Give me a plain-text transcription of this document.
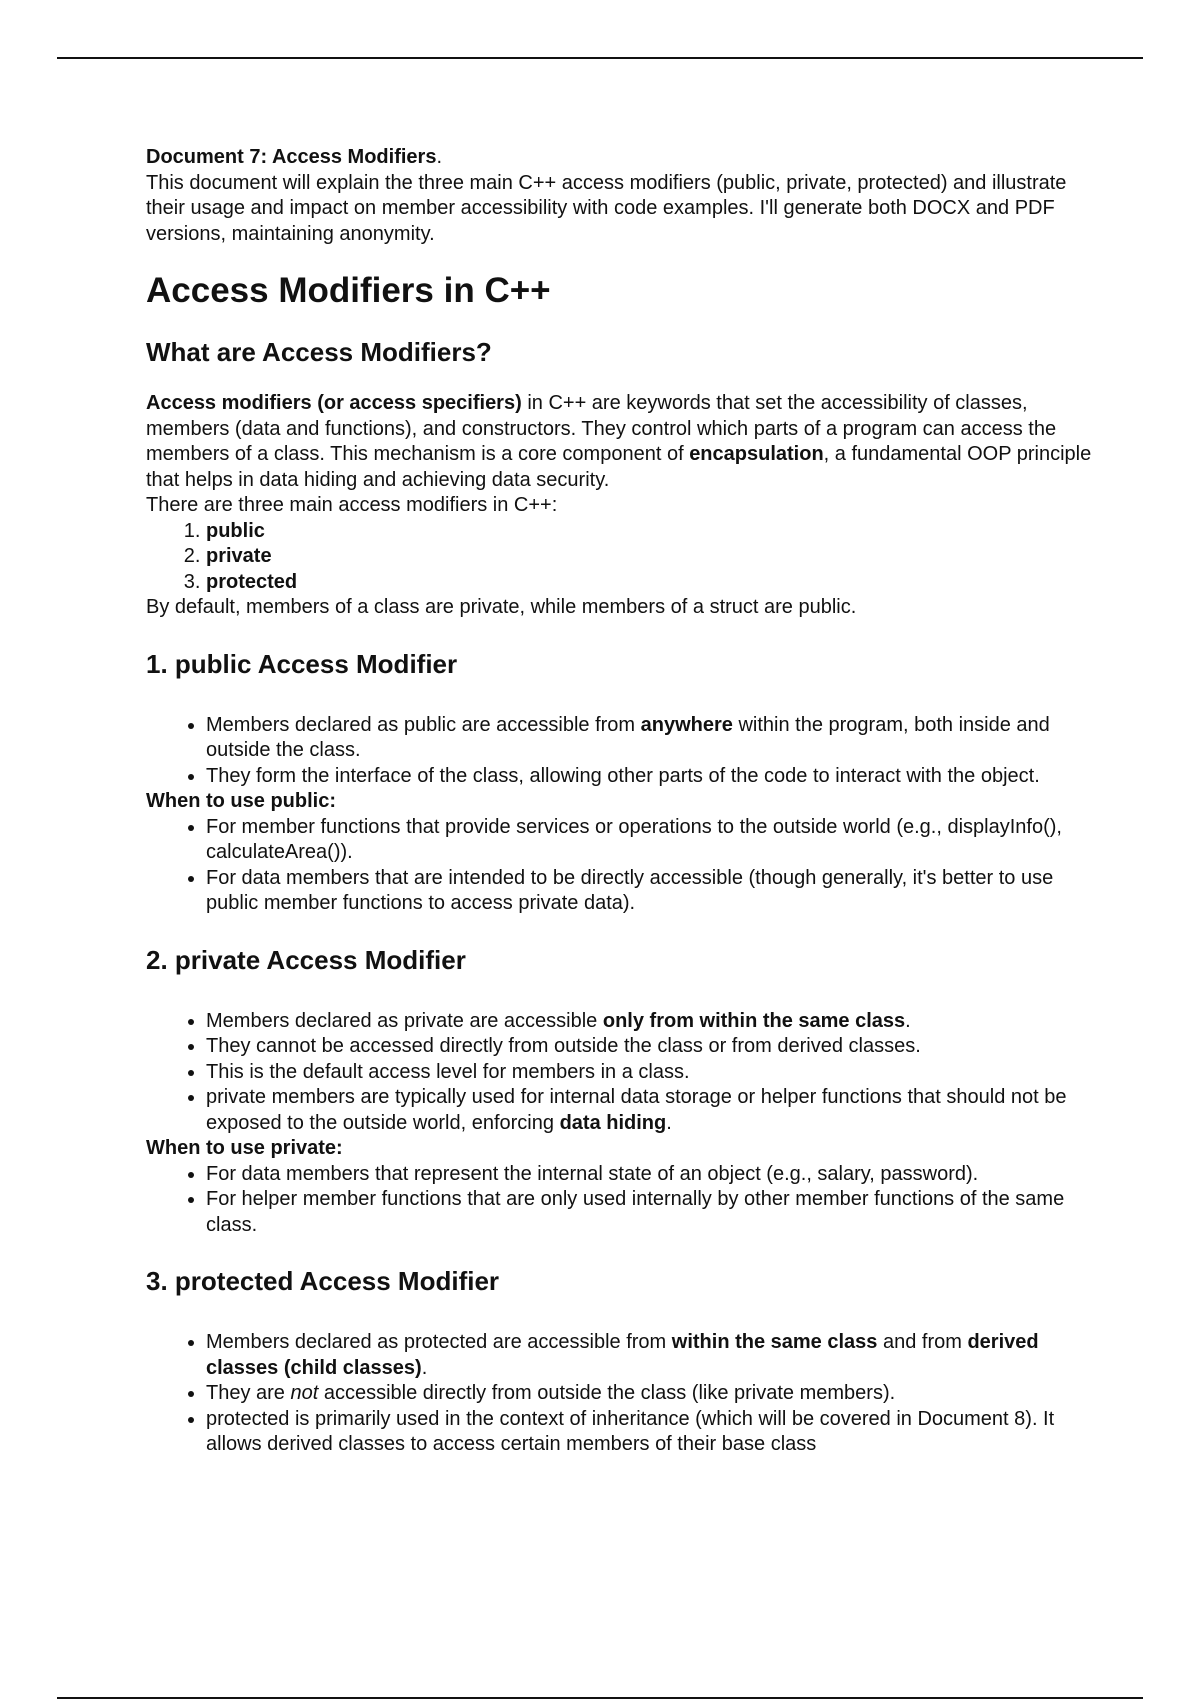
Document 7: Access Modifiers.

This document will explain the three main C++ access modifiers (public, private, protected) and illustrate their usage and impact on member accessibility with code examples. I'll generate both DOCX and PDF versions, maintaining anonymity.

Access Modifiers in C++
What are Access Modifiers?

Access modifiers (or access specifiers) in C++ are keywords that set the accessibility of classes, members (data and functions), and constructors. They control which parts of a program can access the members of a class. This mechanism is a core component of encapsulation, a fundamental OOP principle that helps in data hiding and achieving data security.

There are three main access modifiers in C++:

1. public
2. private
3. protected

By default, members of a class are private, while members of a struct are public.

1. public Access Modifier
• Members declared as public are accessible from anywhere within the program, both inside and outside the class.
• They form the interface of the class, allowing other parts of the code to interact with the object.

When to use public:

• For member functions that provide services or operations to the outside world (e.g., displayInfo(), calculateArea()).
• For data members that are intended to be directly accessible (though generally, it's better to use public member functions to access private data).
2. private Access Modifier
• Members declared as private are accessible only from within the same class.
• They cannot be accessed directly from outside the class or from derived classes.
• This is the default access level for members in a class.
• private members are typically used for internal data storage or helper functions that should not be exposed to the outside world, enforcing data hiding.

When to use private:

• For data members that represent the internal state of an object (e.g., salary, password).
• For helper member functions that are only used internally by other member functions of the same class.
3. protected Access Modifier
• Members declared as protected are accessible from within the same class and from derived classes (child classes).
• They are not accessible directly from outside the class (like private members).
• protected is primarily used in the context of inheritance (which will be covered in Document 8). It allows derived classes to access certain members of their base class
